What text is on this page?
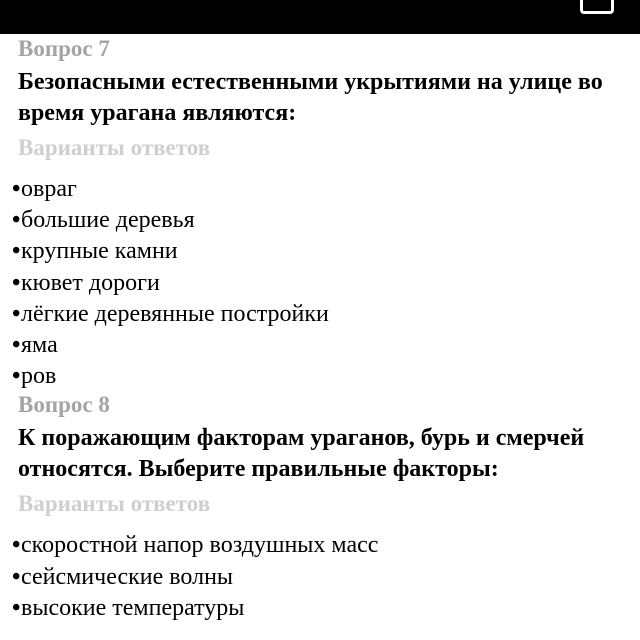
Вопрос 7
Безопасными естественными укрытиями на улице во время урагана являются:
Варианты ответов
•овраг
•большие деревья
•крупные камни
•кювет дороги
•лёгкие деревянные постройки
•яма
•ров
Вопрос 8
К поражающим факторам ураганов, бурь и смерчей относятся. Выберите правильные факторы:
Варианты ответов
•скоростной напор воздушных масс
•сейсмические волны
•высокие температуры
